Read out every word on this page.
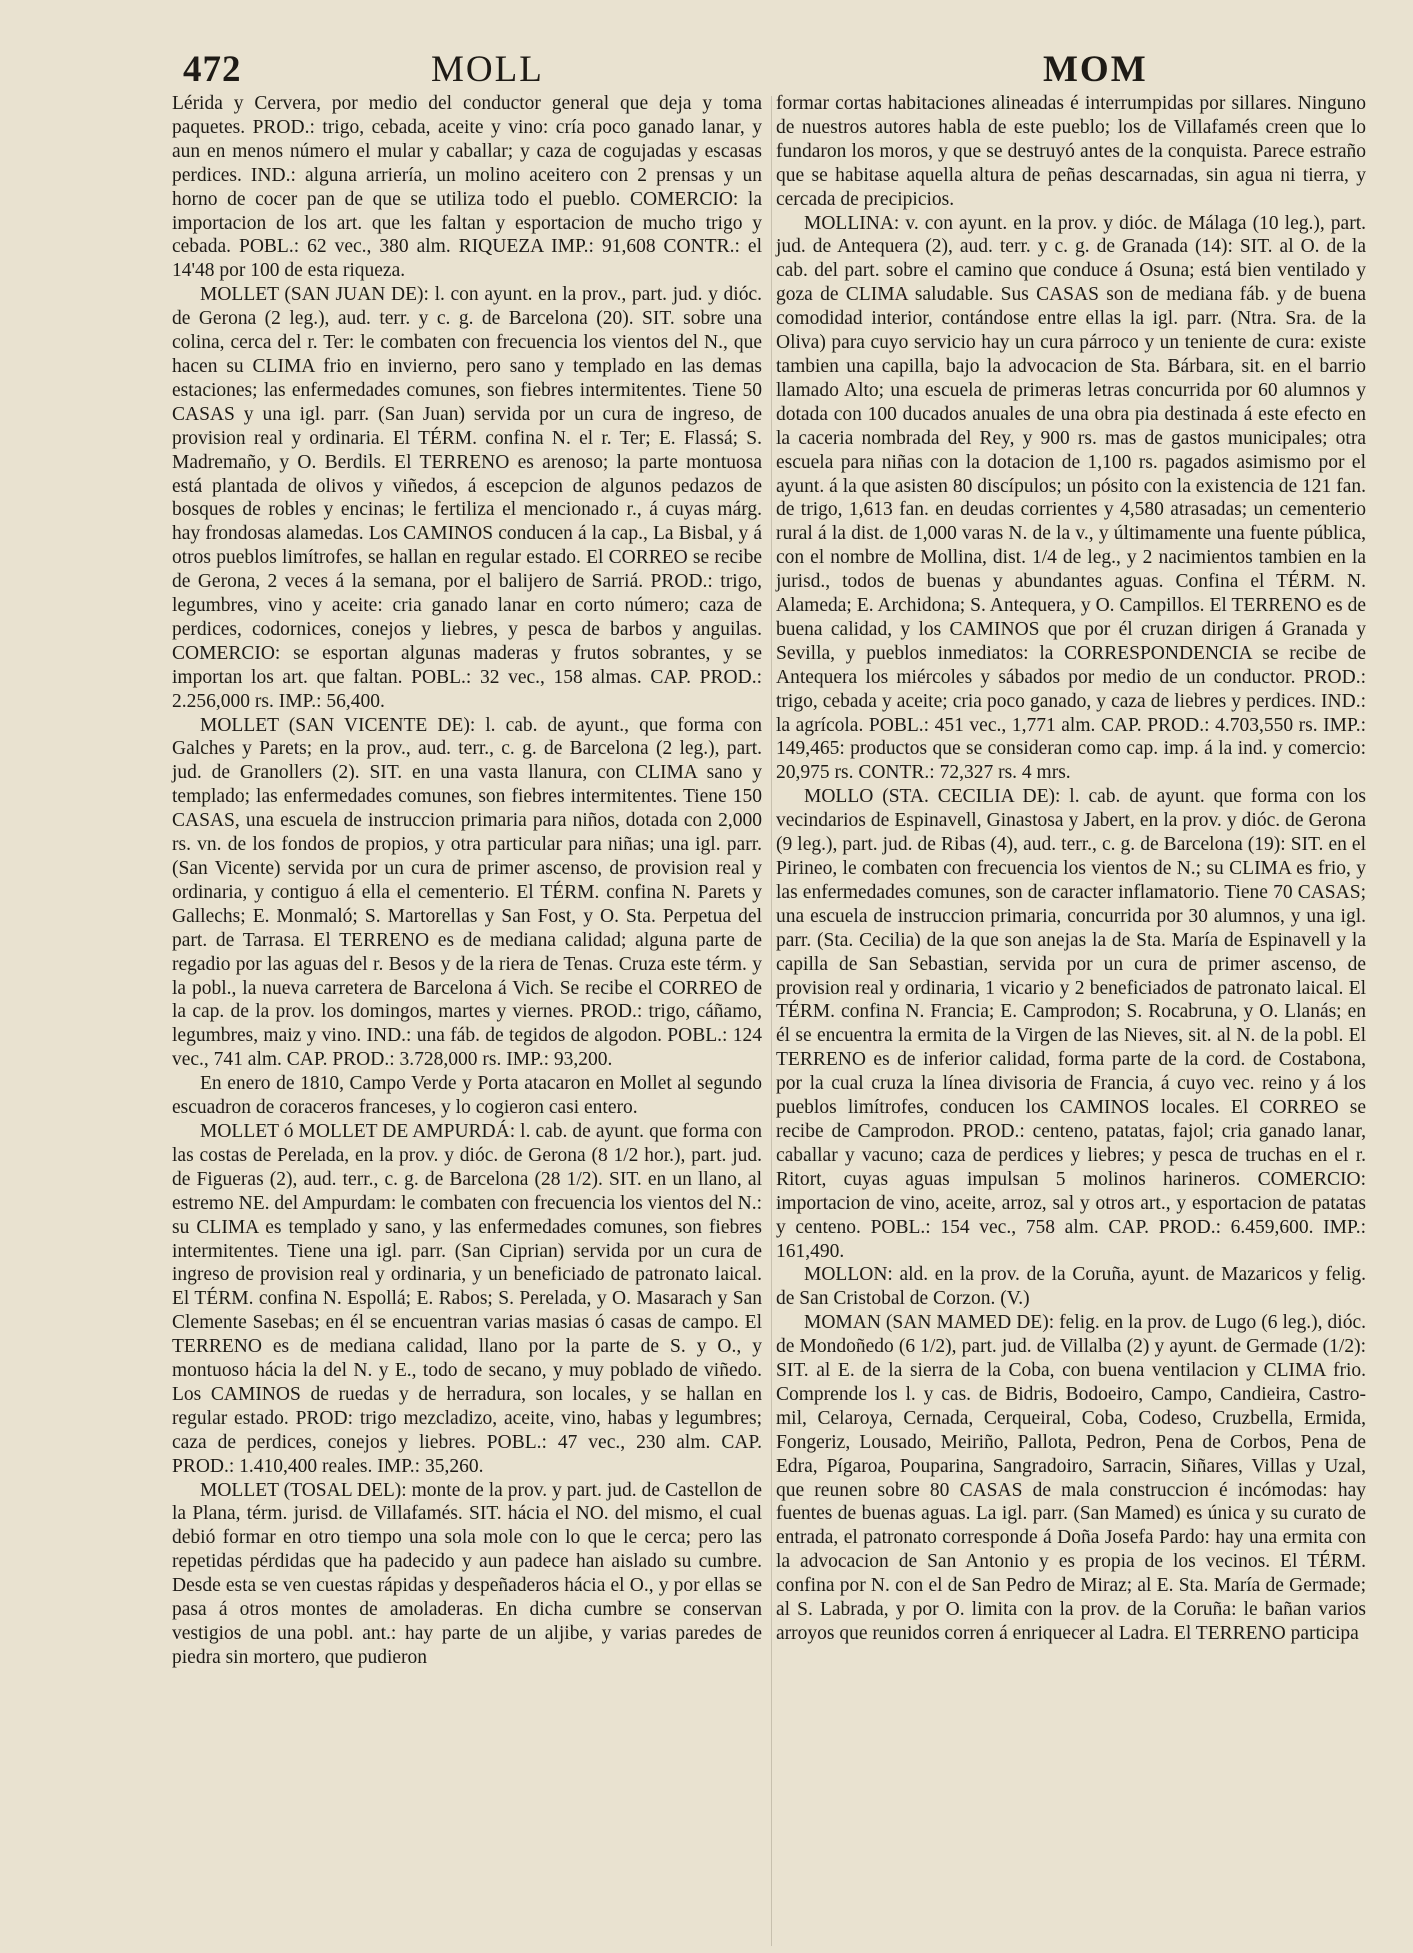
472	MOLL	MOM

Lérida y Cervera, por medio del conductor general que deja y toma paquetes. PROD.: trigo, cebada, aceite y vino: cría poco ganado lanar, y aun en menos número el mular y caballar; y caza de cogujadas y escasas perdices. IND.: alguna arriería, un molino aceitero con 2 prensas y un horno de cocer pan de que se utiliza todo el pueblo. COMERCIO: la importacion de los art. que les faltan y esportacion de mucho trigo y cebada. POBL.: 62 vec., 380 alm. RIQUEZA IMP.: 91,608 CONTR.: el 14'48 por 100 de esta riqueza.

MOLLET (SAN JUAN DE): l. con ayunt. en la prov., part. jud. y dióc. de Gerona (2 leg.), aud. terr. y c. g. de Barcelona (20). SIT. sobre una colina, cerca del r. Ter: le combaten con frecuencia los vientos del N., que hacen su CLIMA frio en invierno, pero sano y templado en las demas estaciones; las enfermedades comunes, son fiebres intermitentes. Tiene 50 CASAS y una igl. parr. (San Juan) servida por un cura de ingreso, de provision real y ordinaria. El TÉRM. confina N. el r. Ter; E. Flassá; S. Madremaño, y O. Berdils. El TERRENO es arenoso; la parte montuosa está plantada de olivos y viñedos, á escepcion de algunos pedazos de bosques de robles y encinas; le fertiliza el mencionado r., á cuyas márg. hay frondosas alamedas. Los CAMINOS conducen á la cap., La Bisbal, y á otros pueblos limítrofes, se hallan en regular estado. El CORREO se recibe de Gerona, 2 veces á la semana, por el balijero de Sarriá. PROD.: trigo, legumbres, vino y aceite: cria ganado lanar en corto número; caza de perdices, codornices, conejos y liebres, y pesca de barbos y anguilas. COMERCIO: se esportan algunas maderas y frutos sobrantes, y se importan los art. que faltan. POBL.: 32 vec., 158 almas. CAP. PROD.: 2.256,000 rs. IMP.: 56,400.

MOLLET (SAN VICENTE DE): l. cab. de ayunt., que forma con Galches y Parets; en la prov., aud. terr., c. g. de Barcelona (2 leg.), part. jud. de Granollers (2). SIT. en una vasta llanura, con CLIMA sano y templado; las enfermedades comunes, son fiebres intermitentes. Tiene 150 CASAS, una escuela de instruccion primaria para niños, dotada con 2,000 rs. vn. de los fondos de propios, y otra particular para niñas; una igl. parr. (San Vicente) servida por un cura de primer ascenso, de provision real y ordinaria, y contiguo á ella el cementerio. El TÉRM. confina N. Parets y Gallechs; E. Monmaló; S. Martorellas y San Fost, y O. Sta. Perpetua del part. de Tarrasa. El TERRENO es de mediana calidad; alguna parte de regadio por las aguas del r. Besos y de la riera de Tenas. Cruza este térm. y la pobl., la nueva carretera de Barcelona á Vich. Se recibe el CORREO de la cap. de la prov. los domingos, martes y viernes. PROD.: trigo, cáñamo, legumbres, maiz y vino. IND.: una fáb. de tegidos de algodon. POBL.: 124 vec., 741 alm. CAP. PROD.: 3.728,000 rs. IMP.: 93,200.

En enero de 1810, Campo Verde y Porta atacaron en Mollet al segundo escuadron de coraceros franceses, y lo cogieron casi entero.

MOLLET ó MOLLET DE AMPURDÁ: l. cab. de ayunt. que forma con las costas de Perelada, en la prov. y dióc. de Gerona (8 1/2 hor.), part. jud. de Figueras (2), aud. terr., c. g. de Barcelona (28 1/2). SIT. en un llano, al estremo NE. del Ampurdam: le combaten con frecuencia los vientos del N.: su CLIMA es templado y sano, y las enfermedades comunes, son fiebres intermitentes. Tiene una igl. parr. (San Ciprian) servida por un cura de ingreso de provision real y ordinaria, y un beneficiado de patronato laical. El TÉRM. confina N. Espollá; E. Rabos; S. Perelada, y O. Masarach y San Clemente Sasebas; en él se encuentran varias masias ó casas de campo. El TERRENO es de mediana calidad, llano por la parte de S. y O., y montuoso hácia la del N. y E., todo de secano, y muy poblado de viñedo. Los CAMINOS de ruedas y de herradura, son locales, y se hallan en regular estado. PROD: trigo mezcladizo, aceite, vino, habas y legumbres; caza de perdices, conejos y liebres. POBL.: 47 vec., 230 alm. CAP. PROD.: 1.410,400 reales. IMP.: 35,260.

MOLLET (TOSAL DEL): monte de la prov. y part. jud. de Castellon de la Plana, térm. jurisd. de Villafamés. SIT. hácia el NO. del mismo, el cual debió formar en otro tiempo una sola mole con lo que le cerca; pero las repetidas pérdidas que ha padecido y aun padece han aislado su cumbre. Desde esta se ven cuestas rápidas y despeñaderos hácia el O., y por ellas se pasa á otros montes de amoladeras. En dicha cumbre se conservan vestigios de una pobl. ant.: hay parte de un aljibe, y varias paredes de piedra sin mortero, que pudieron

formar cortas habitaciones alineadas é interrumpidas por sillares. Ninguno de nuestros autores habla de este pueblo; los de Villafamés creen que lo fundaron los moros, y que se destruyó antes de la conquista. Parece estraño que se habitase aquella altura de peñas descarnadas, sin agua ni tierra, y cercada de precipicios.

MOLLINA: v. con ayunt. en la prov. y dióc. de Málaga (10 leg.), part. jud. de Antequera (2), aud. terr. y c. g. de Granada (14): SIT. al O. de la cab. del part. sobre el camino que conduce á Osuna; está bien ventilado y goza de CLIMA saludable. Sus CASAS son de mediana fáb. y de buena comodidad interior, contándose entre ellas la igl. parr. (Ntra. Sra. de la Oliva) para cuyo servicio hay un cura párroco y un teniente de cura: existe tambien una capilla, bajo la advocacion de Sta. Bárbara, sit. en el barrio llamado Alto; una escuela de primeras letras concurrida por 60 alumnos y dotada con 100 ducados anuales de una obra pia destinada á este efecto en la caceria nombrada del Rey, y 900 rs. mas de gastos municipales; otra escuela para niñas con la dotacion de 1,100 rs. pagados asimismo por el ayunt. á la que asisten 80 discípulos; un pósito con la existencia de 121 fan. de trigo, 1,613 fan. en deudas corrientes y 4,580 atrasadas; un cementerio rural á la dist. de 1,000 varas N. de la v., y últimamente una fuente pública, con el nombre de Mollina, dist. 1/4 de leg., y 2 nacimientos tambien en la jurisd., todos de buenas y abundantes aguas. Confina el TÉRM. N. Alameda; E. Archidona; S. Antequera, y O. Campillos. El TERRENO es de buena calidad, y los CAMINOS que por él cruzan dirigen á Granada y Sevilla, y pueblos inmediatos: la CORRESPONDENCIA se recibe de Antequera los miércoles y sábados por medio de un conductor. PROD.: trigo, cebada y aceite; cria poco ganado, y caza de liebres y perdices. IND.: la agrícola. POBL.: 451 vec., 1,771 alm. CAP. PROD.: 4.703,550 rs. IMP.: 149,465: productos que se consideran como cap. imp. á la ind. y comercio: 20,975 rs. CONTR.: 72,327 rs. 4 mrs.

MOLLO (STA. CECILIA DE): l. cab. de ayunt. que forma con los vecindarios de Espinavell, Ginastosa y Jabert, en la prov. y dióc. de Gerona (9 leg.), part. jud. de Ribas (4), aud. terr., c. g. de Barcelona (19): SIT. en el Pirineo, le combaten con frecuencia los vientos de N.; su CLIMA es frio, y las enfermedades comunes, son de caracter inflamatorio. Tiene 70 CASAS; una escuela de instruccion primaria, concurrida por 30 alumnos, y una igl. parr. (Sta. Cecilia) de la que son anejas la de Sta. María de Espinavell y la capilla de San Sebastian, servida por un cura de primer ascenso, de provision real y ordinaria, 1 vicario y 2 beneficiados de patronato laical. El TÉRM. confina N. Francia; E. Camprodon; S. Rocabruna, y O. Llanás; en él se encuentra la ermita de la Virgen de las Nieves, sit. al N. de la pobl. El TERRENO es de inferior calidad, forma parte de la cord. de Costabona, por la cual cruza la línea divisoria de Francia, á cuyo vec. reino y á los pueblos limítrofes, conducen los CAMINOS locales. El CORREO se recibe de Camprodon. PROD.: centeno, patatas, fajol; cria ganado lanar, caballar y vacuno; caza de perdices y liebres; y pesca de truchas en el r. Ritort, cuyas aguas impulsan 5 molinos harineros. COMERCIO: importacion de vino, aceite, arroz, sal y otros art., y esportacion de patatas y centeno. POBL.: 154 vec., 758 alm. CAP. PROD.: 6.459,600. IMP.: 161,490.

MOLLON: ald. en la prov. de la Coruña, ayunt. de Mazaricos y felig. de San Cristobal de Corzon. (V.)

MOMAN (SAN MAMED DE): felig. en la prov. de Lugo (6 leg.), dióc. de Mondoñedo (6 1/2), part. jud. de Villalba (2) y ayunt. de Germade (1/2): SIT. al E. de la sierra de la Coba, con buena ventilacion y CLIMA frio. Comprende los l. y cas. de Bidris, Bodoeiro, Campo, Candieira, Castro-mil, Celaroya, Cernada, Cerqueiral, Coba, Codeso, Cruzbella, Ermida, Fongeriz, Lousado, Meiriño, Pallota, Pedron, Pena de Corbos, Pena de Edra, Pígaroa, Pouparina, Sangradoiro, Sarracin, Siñares, Villas y Uzal, que reunen sobre 80 CASAS de mala construccion é incómodas: hay fuentes de buenas aguas. La igl. parr. (San Mamed) es única y su curato de entrada, el patronato corresponde á Doña Josefa Pardo: hay una ermita con la advocacion de San Antonio y es propia de los vecinos. El TÉRM. confina por N. con el de San Pedro de Miraz; al E. Sta. María de Germade; al S. Labrada, y por O. limita con la prov. de la Coruña: le bañan varios arroyos que reunidos corren á enriquecer al Ladra. El TERRENO participa
